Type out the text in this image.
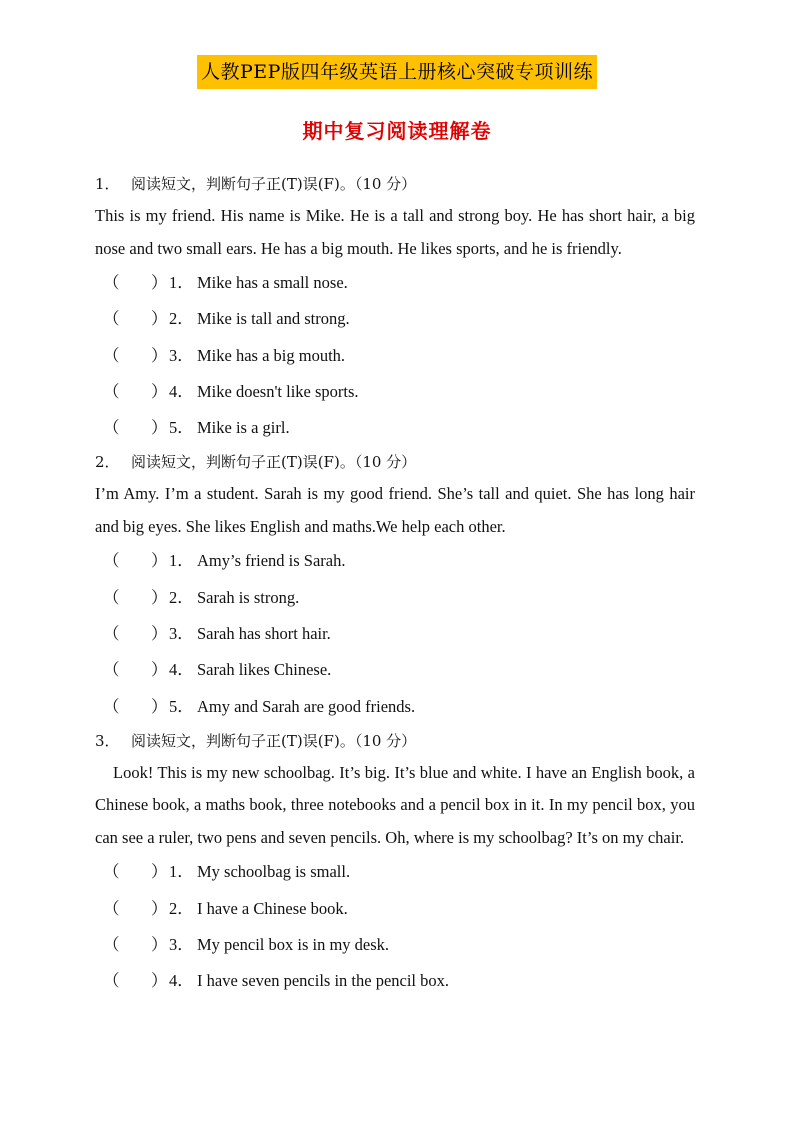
人教PEP版四年级英语上册核心突破专项训练
期中复习阅读理解卷
1． 阅读短文，判断句子正(T)误(F)。（10 分）
This is my friend. His name is Mike. He is a tall and strong boy. He has short hair, a big nose and two small ears. He has a big mouth. He likes sports, and he is friendly.
（ ） 1． Mike has a small nose.
（ ） 2． Mike is tall and strong.
（ ） 3． Mike has a big mouth.
（ ） 4． Mike doesn't like sports.
（ ） 5． Mike is a girl.
2． 阅读短文，判断句子正(T)误(F)。（10 分）
I’m Amy. I’m a student. Sarah is my good friend. She’s tall and quiet. She has long hair and big eyes. She likes English and maths.We help each other.
（ ） 1． Amy’s friend is Sarah.
（ ） 2． Sarah is strong.
（ ） 3． Sarah has short hair.
（ ） 4． Sarah likes Chinese.
（ ） 5． Amy and Sarah are good friends.
3． 阅读短文，判断句子正(T)误(F)。（10 分）
Look! This is my new schoolbag. It’s big. It’s blue and white. I have an English book, a Chinese book, a maths book, three notebooks and a pencil box in it. In my pencil box, you can see a ruler, two pens and seven pencils. Oh, where is my schoolbag? It’s on my chair.
（ ） 1． My schoolbag is small.
（ ） 2． I have a Chinese book.
（ ） 3． My pencil box is in my desk.
（ ） 4． I have seven pencils in the pencil box.
